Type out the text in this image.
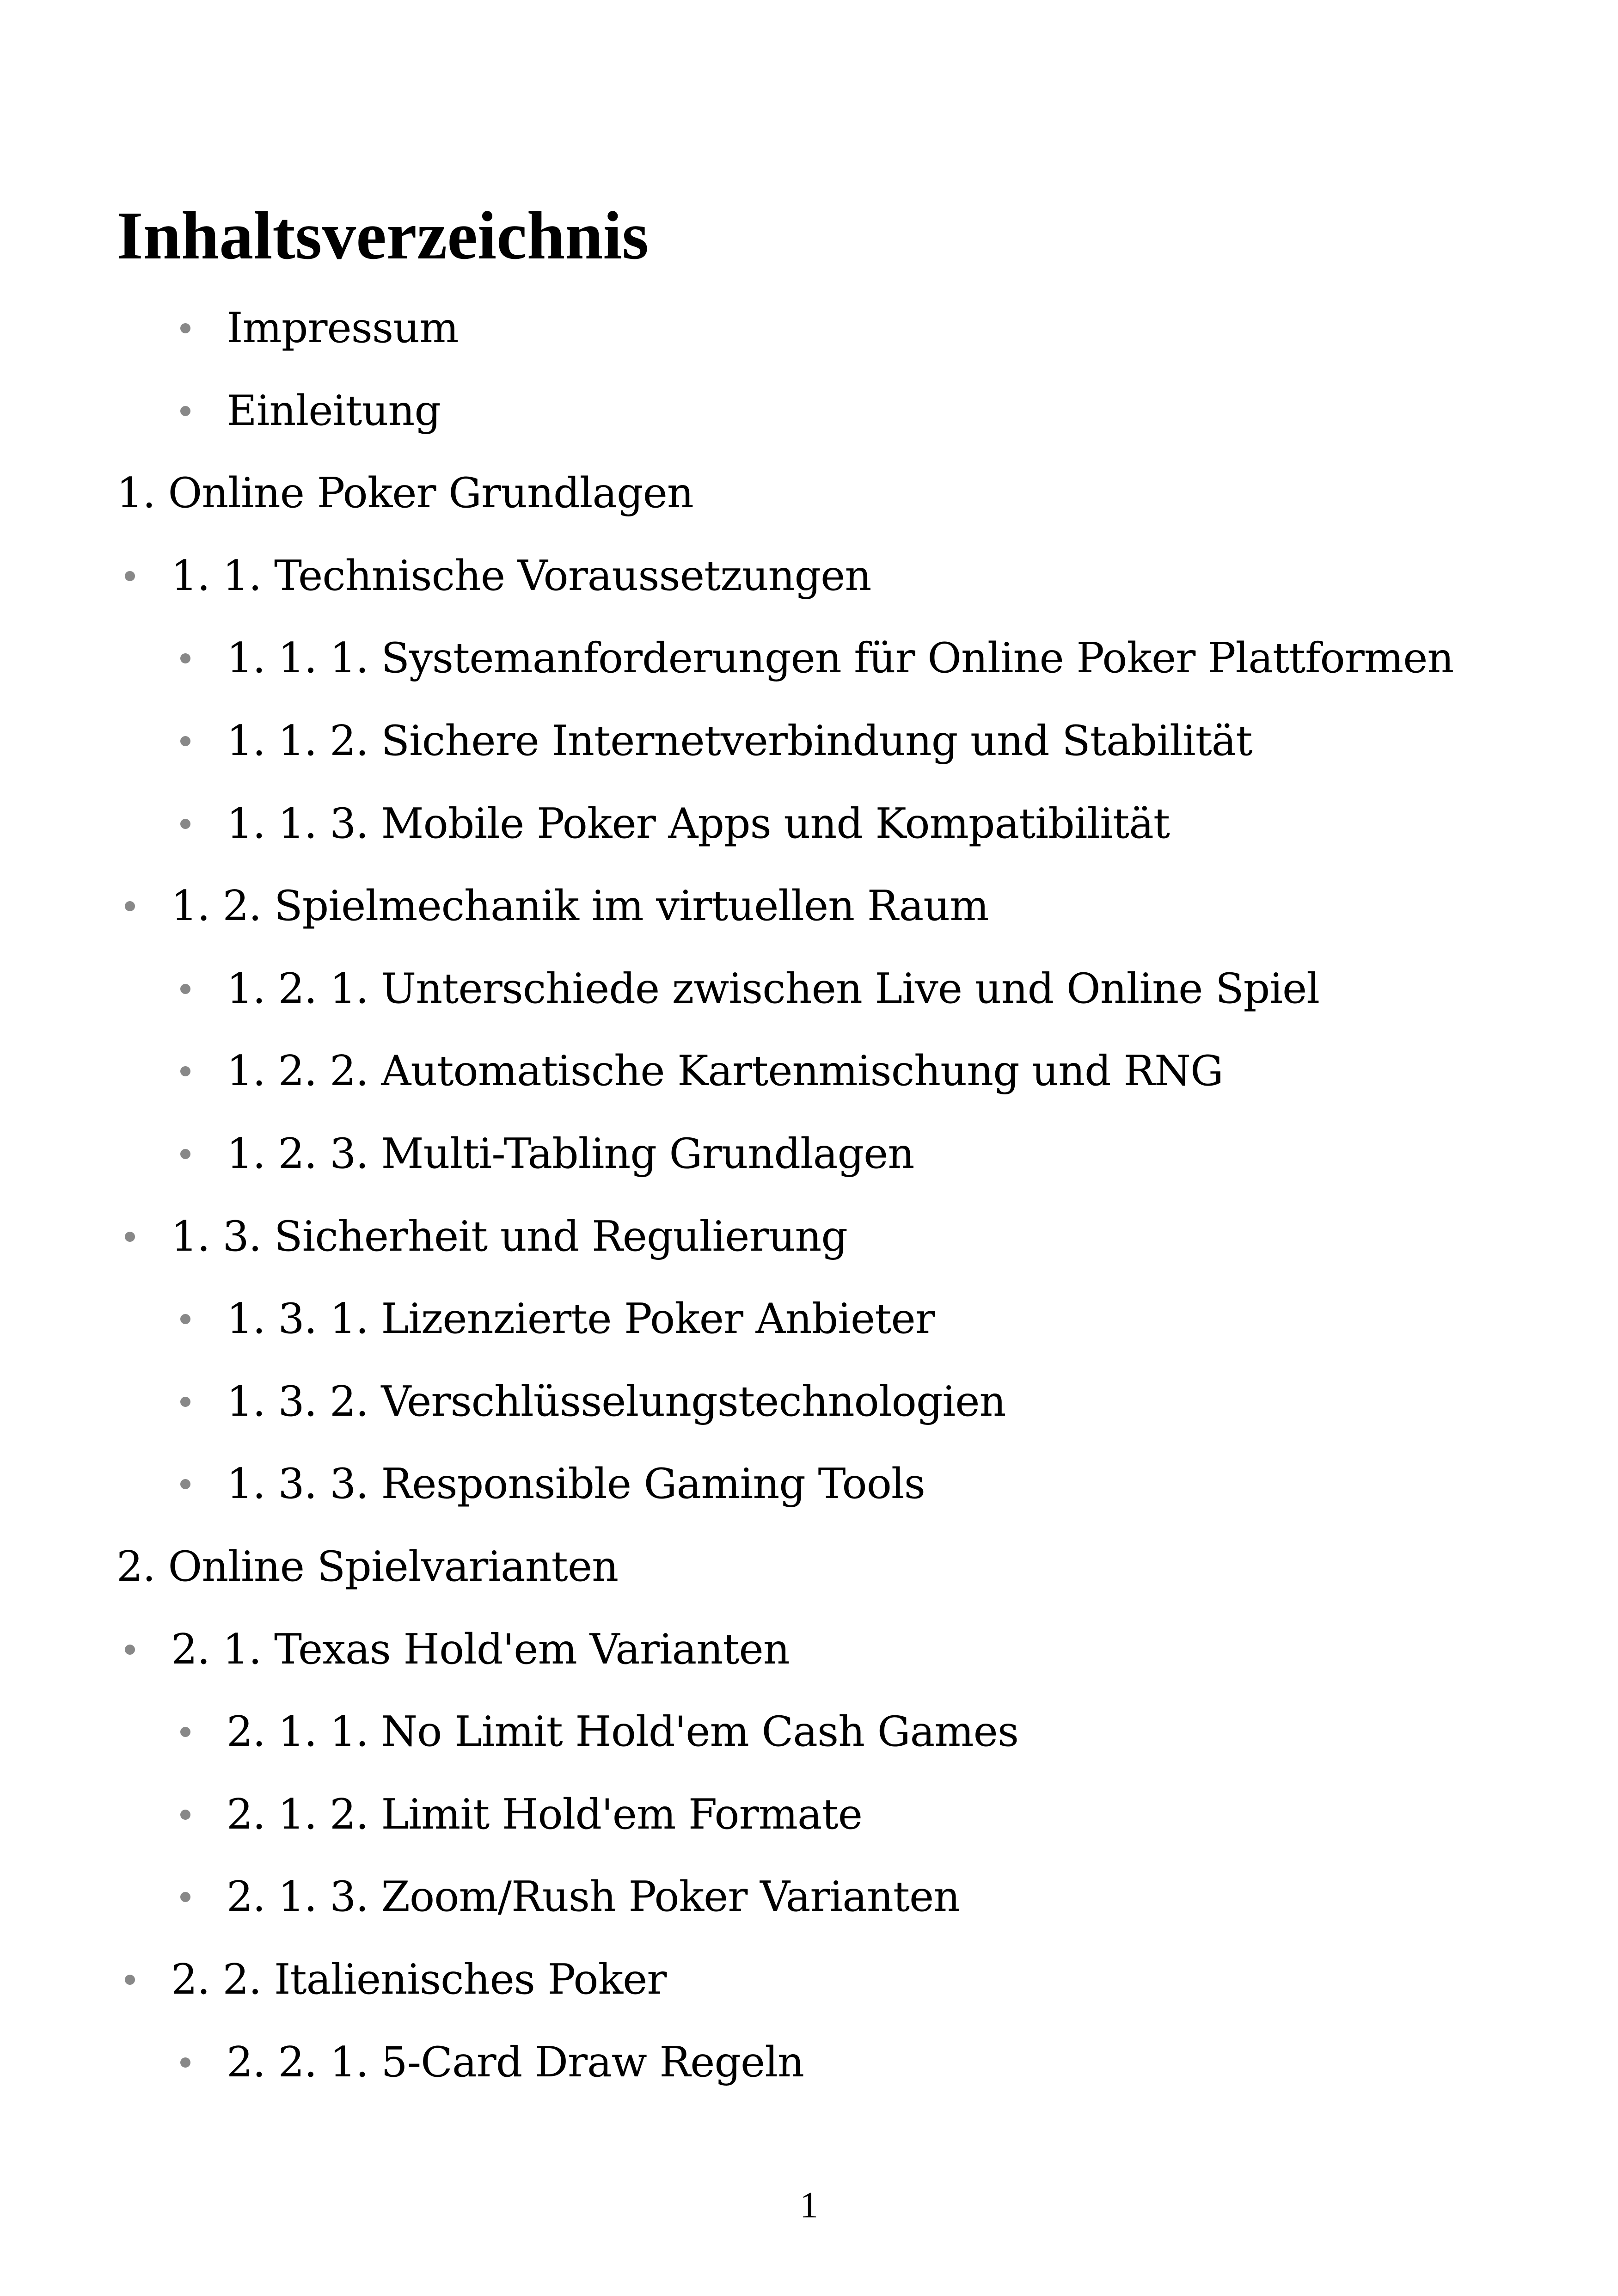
Inhaltsverzeichnis
Impressum
Einleitung
1. Online Poker Grundlagen
1. 1. Technische Voraussetzungen
1. 1. 1. Systemanforderungen für Online Poker Plattformen
1. 1. 2. Sichere Internetverbindung und Stabilität
1. 1. 3. Mobile Poker Apps und Kompatibilität
1. 2. Spielmechanik im virtuellen Raum
1. 2. 1. Unterschiede zwischen Live und Online Spiel
1. 2. 2. Automatische Kartenmischung und RNG
1. 2. 3. Multi-Tabling Grundlagen
1. 3. Sicherheit und Regulierung
1. 3. 1. Lizenzierte Poker Anbieter
1. 3. 2. Verschlüsselungstechnologien
1. 3. 3. Responsible Gaming Tools
2. Online Spielvarianten
2. 1. Texas Hold'em Varianten
2. 1. 1. No Limit Hold'em Cash Games
2. 1. 2. Limit Hold'em Formate
2. 1. 3. Zoom/Rush Poker Varianten
2. 2. Italienisches Poker
2. 2. 1. 5-Card Draw Regeln
1
